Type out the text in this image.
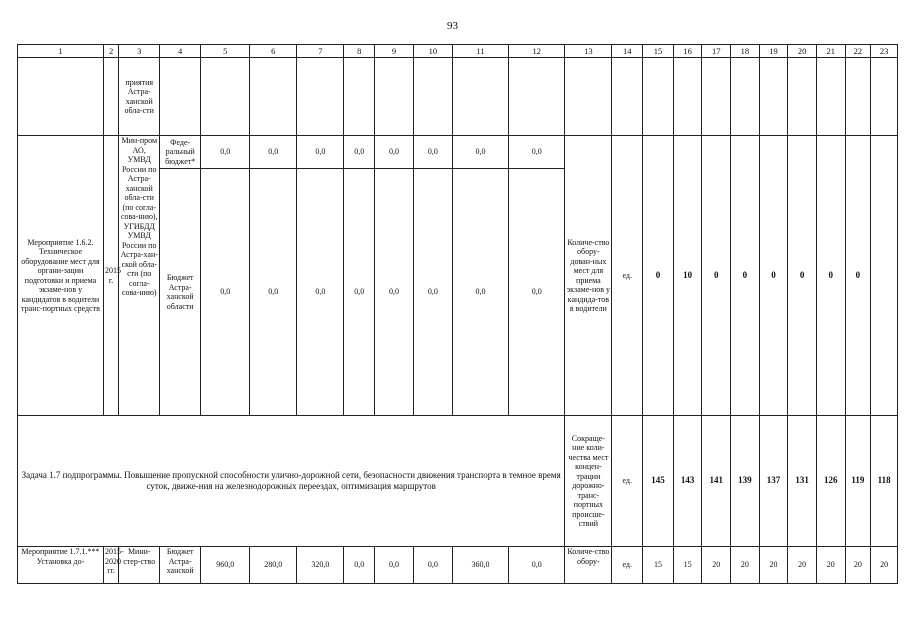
93
1	2	3	4	5	6	7	8	9	10	11	12	13	14	15	16	17	18	19	20	21	22	23
		приятия Астра-ханской обла-сти																				
Мероприятие 1.6.2. Техническое оборудование мест для органи-зации подготовки и приема экзаме-нов у кандидатов в водители транс-портных средств	2015 г.	Мин-пром АО, УМВД России по Астра-ханской обла-сти (по согла-сова-нию), УГИБДД УМВД России по Астра-хан-ской обла-сти (по согла-сова-нию)	Феде-ральный бюджет*	0,0	0,0	0,0	0,0	0,0	0,0	0,0	0,0	Количе-ство обору-дован-ных мест для приема экзаме-нов у кандида-тов в водители	ед.	0	10	0	0	0	0	0	0	
			Бюджет Астра-ханской области	0,0	0,0	0,0	0,0	0,0	0,0	0,0	0,0											
Задача 1.7 подпрограммы. Повышение пропускной способности улично-дорожной сети, безопасности движения транспорта в темное время суток, движе-ния на железнодорожных переездах, оптимизация маршрутов												Сокраще-ние коли-чества мест концен-трации дорожно-транс-портных происше-ствий	ед.	145	143	141	139	137	131	126	119	118
Мероприятие 1.7.1.*** Установка до-	2015-2020 гг.	Мини-стер-ство	Бюджет Астра-ханской	960,0	280,0	320,0	0,0	0,0	0,0	360,0	0,0	Количе-ство обору-	ед.	15	15	20	20	20	20	20	20	20
